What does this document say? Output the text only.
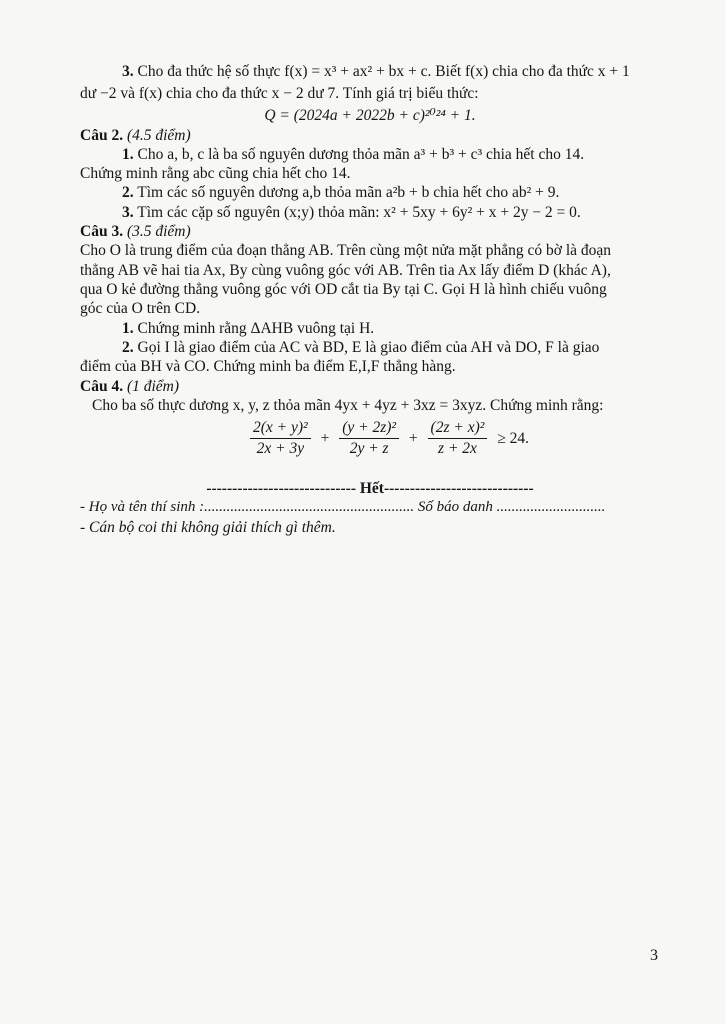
3. Cho đa thức hệ số thực f(x) = x³ + ax² + bx + c. Biết f(x) chia cho đa thức x + 1
dư −2 và f(x) chia cho đa thức x − 2 dư 7. Tính giá trị biểu thức:
Q = (2024a + 2022b + c)²⁰²⁴ + 1.
Câu 2. (4.5 điểm)
1. Cho a, b, c là ba số nguyên dương thỏa mãn a³ + b³ + c³ chia hết cho 14.
Chứng minh rằng abc cũng chia hết cho 14.
2. Tìm các số nguyên dương a,b thỏa mãn a²b + b chia hết cho ab² + 9.
3. Tìm các cặp số nguyên (x;y) thỏa mãn: x² + 5xy + 6y² + x + 2y − 2 = 0.
Câu 3. (3.5 điểm)
Cho O là trung điểm của đoạn thẳng AB. Trên cùng một nửa mặt phẳng có bờ là đoạn
thẳng AB vẽ hai tia Ax, By cùng vuông góc với AB. Trên tia Ax lấy điểm D (khác A),
qua O kẻ đường thẳng vuông góc với OD cắt tia By tại C. Gọi H là hình chiếu vuông
góc của O trên CD.
1. Chứng minh rằng ΔAHB vuông tại H.
2. Gọi I là giao điểm của AC và BD, E là giao điểm của AH và DO, F là giao
điểm của BH và CO. Chứng minh ba điểm E,I,F thẳng hàng.
Câu 4. (1 điểm)
Cho ba số thực dương x, y, z thỏa mãn 4yx + 4yz + 3xz = 3xyz. Chứng minh rằng:
$\frac{\text{2(x + y)²}}{2x + 3y} + \frac{\text{(y + 2z)²}}{2y + z} + \frac{\text{(2z + x)²}}{z + 2x} \ge 24$.
----------------------------- Hết-----------------------------
- Họ và tên thí sinh :........................................................ Số báo danh .............................
- Cán bộ coi thi không giải thích gì thêm.
3
